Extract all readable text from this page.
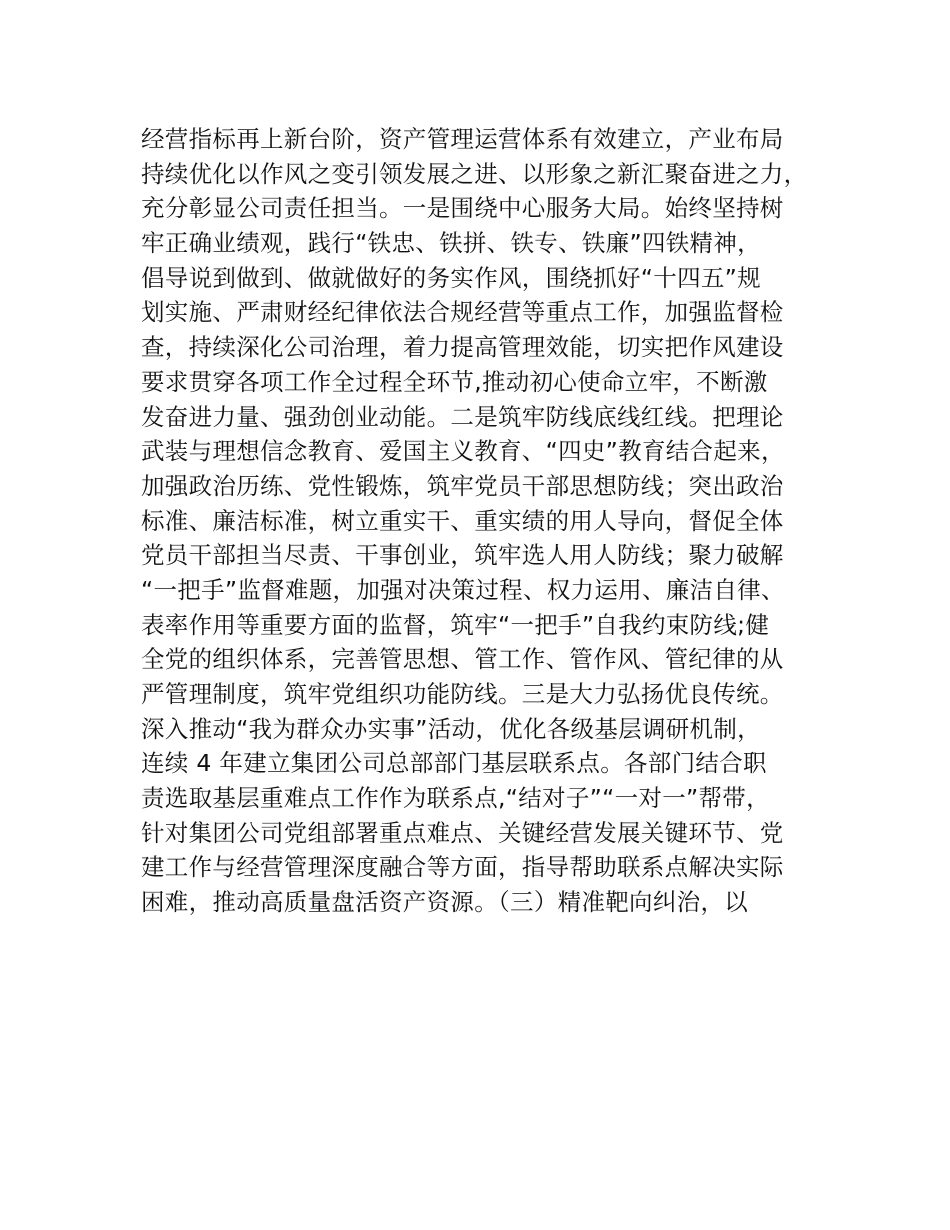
经营指标再上新台阶，资产管理运营体系有效建立，产业布局
持续优化以作风之变引领发展之进、以形象之新汇聚奋进之力，
充分彰显公司责任担当。一是围绕中心服务大局。始终坚持树
牢正确业绩观，践行“铁忠、铁拼、铁专、铁廉”四铁精神，
倡导说到做到、做就做好的务实作风，围绕抓好“十四五”规
划实施、严肃财经纪律依法合规经营等重点工作，加强监督检
查，持续深化公司治理，着力提高管理效能，切实把作风建设
要求贯穿各项工作全过程全环节,推动初心使命立牢，不断激
发奋进力量、强劲创业动能。二是筑牢防线底线红线。把理论
武装与理想信念教育、爱国主义教育、“四史”教育结合起来，
加强政治历练、党性锻炼，筑牢党员干部思想防线；突出政治
标准、廉洁标准，树立重实干、重实绩的用人导向，督促全体
党员干部担当尽责、干事创业，筑牢选人用人防线；聚力破解
“一把手”监督难题，加强对决策过程、权力运用、廉洁自律、
表率作用等重要方面的监督，筑牢“一把手”自我约束防线;健
全党的组织体系，完善管思想、管工作、管作风、管纪律的从
严管理制度，筑牢党组织功能防线。三是大力弘扬优良传统。
深入推动“我为群众办实事”活动，优化各级基层调研机制，
连续 4 年建立集团公司总部部门基层联系点。各部门结合职
责选取基层重难点工作作为联系点,“结对子”“一对一”帮带，
针对集团公司党组部署重点难点、关键经营发展关键环节、党
建工作与经营管理深度融合等方面，指导帮助联系点解决实际
困难，推动高质量盘活资产资源。（三）精准靶向纠治，以
